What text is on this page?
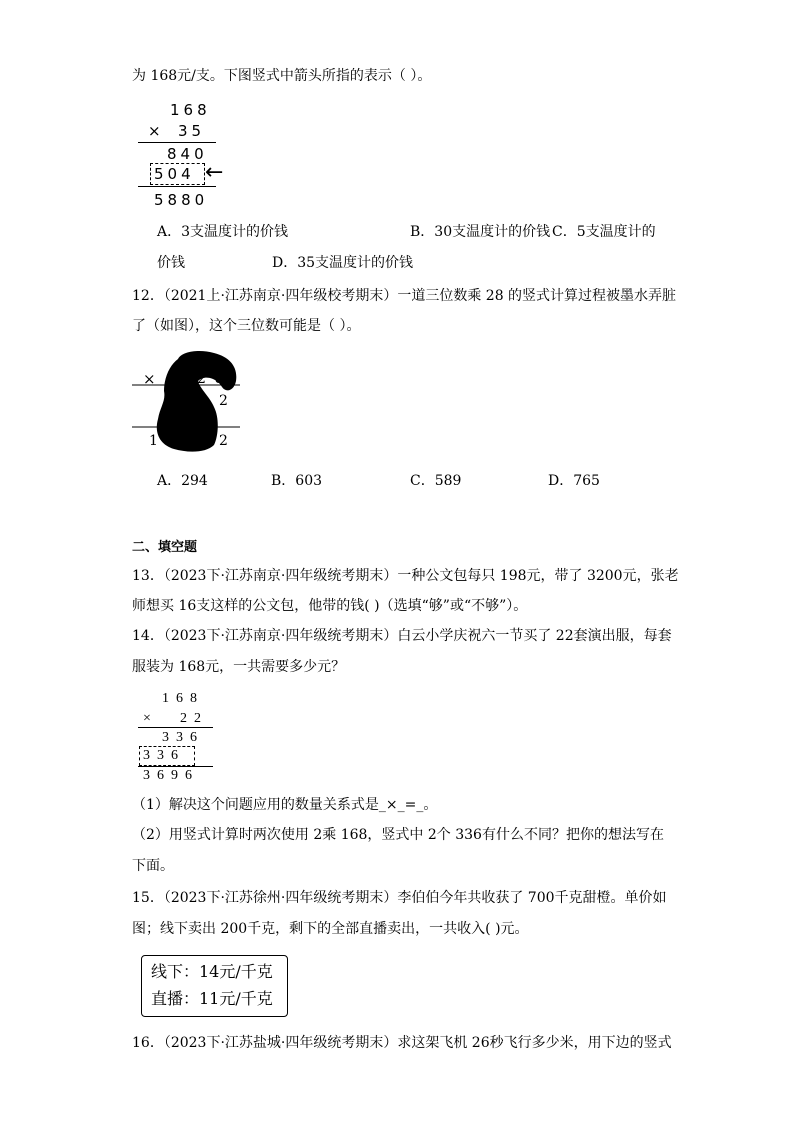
为 168元/支。下图竖式中箭头所指的表示（ ）。
168
× 35
840
504 ←
5880
A．3支温度计的价钱	B．30支温度计的价钱 C．5支温度计的
价钱	D．35支温度计的价钱
12．（2021上·江苏南京·四年级校考期末）一道三位数乘 28 的竖式计算过程被墨水弄脏
了（如图），这个三位数可能是（ ）。
×	2  8
2
1	2
A．294	B．603	C．589	D．765
二、填空题
13．（2023下·江苏南京·四年级统考期末）一种公文包每只 198元，带了 3200元，张老
师想买 16支这样的公文包，他带的钱( )（选填“够”或“不够”）。
14．（2023下·江苏南京·四年级统考期末）白云小学庆祝六一节买了 22套演出服，每套
服装为 168元，一共需要多少元？
168
× 22
336
336
3696
（1）解决这个问题应用的数量关系式是_×_=_。
（2）用竖式计算时两次使用 2乘 168，竖式中 2个 336有什么不同？把你的想法写在
下面。
15．（2023下·江苏徐州·四年级统考期末）李伯伯今年共收获了 700千克甜橙。单价如
图；线下卖出 200千克，剩下的全部直播卖出，一共收入( )元。
线下：14元/千克
直播：11元/千克
16．（2023下·江苏盐城·四年级统考期末）求这架飞机 26秒飞行多少米，用下边的竖式
